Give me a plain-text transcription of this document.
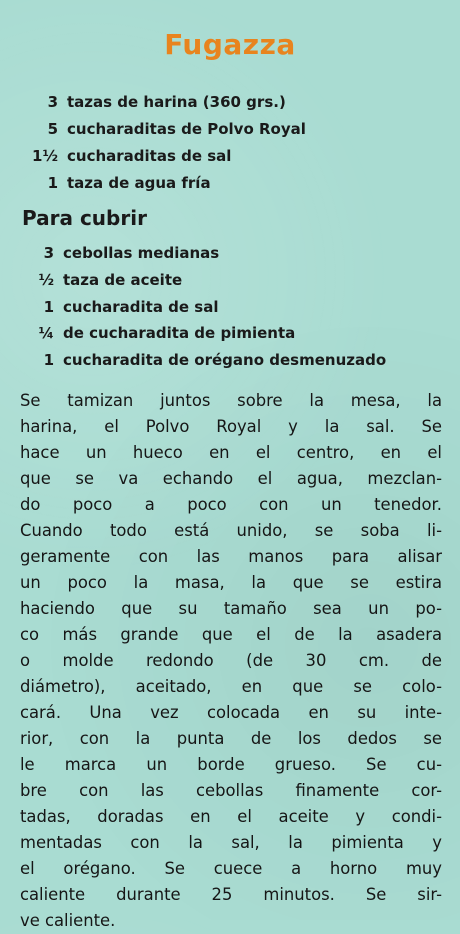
Fugazza
3 tazas de harina (360 grs.)
5 cucharaditas de Polvo Royal
1½ cucharaditas de sal
1 taza de agua fría
Para cubrir
3 cebollas medianas
½ taza de aceite
1 cucharadita de sal
¼ de cucharadita de pimienta
1 cucharadita de orégano desmenuzado
Se tamizan juntos sobre la mesa, la
harina, el Polvo Royal y la sal. Se
hace un hueco en el centro, en el
que se va echando el agua, mezclan-
do poco a poco con un tenedor.
Cuando todo está unido, se soba li-
geramente con las manos para alisar
un poco la masa, la que se estira
haciendo que su tamaño sea un po-
co más grande que el de la asadera
o molde redondo (de 30 cm. de
diámetro), aceitado, en que se colo-
cará. Una vez colocada en su inte-
rior, con la punta de los dedos se
le marca un borde grueso. Se cu-
bre con las cebollas finamente cor-
tadas, doradas en el aceite y condi-
mentadas con la sal, la pimienta y
el orégano. Se cuece a horno muy
caliente durante 25 minutos. Se sir-
ve caliente.
